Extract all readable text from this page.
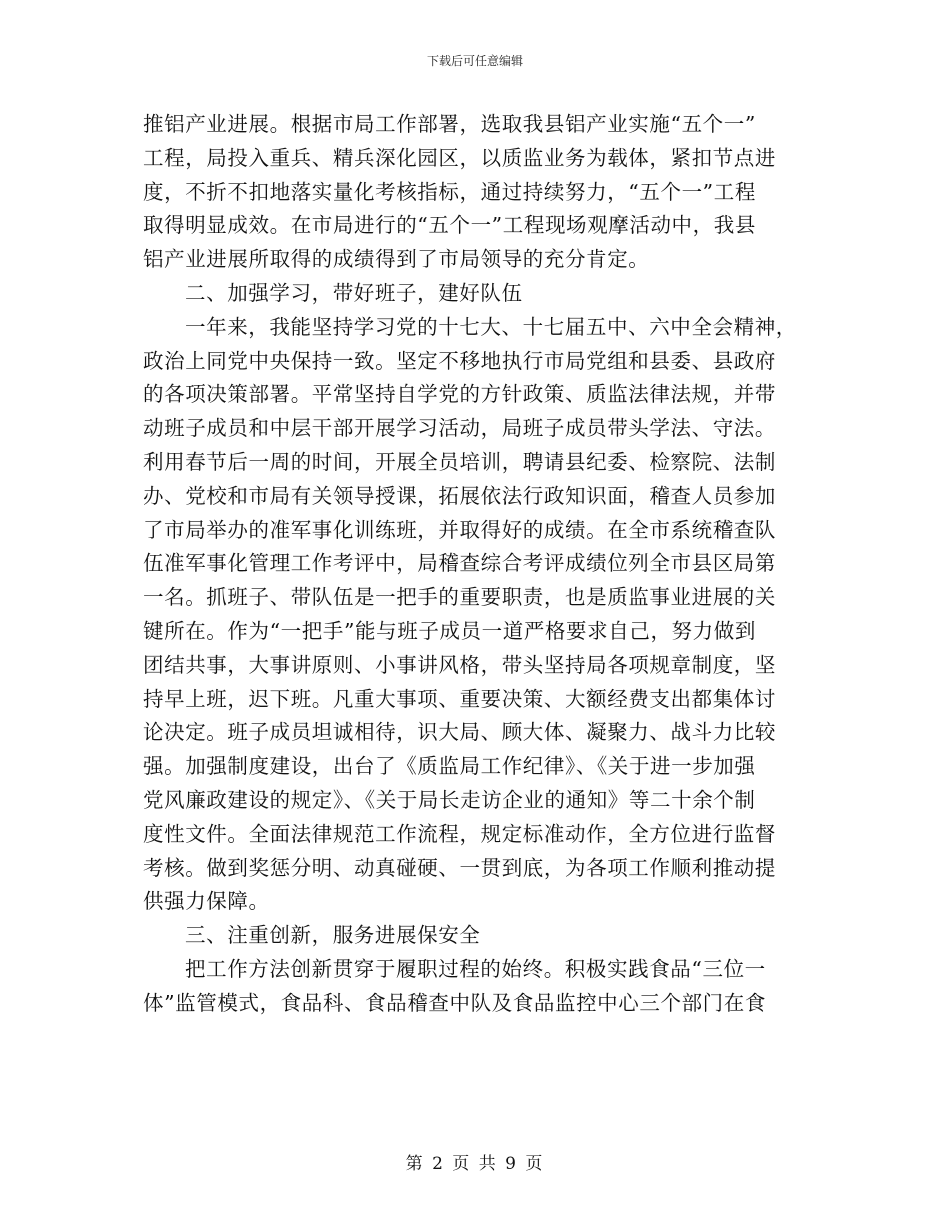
下载后可任意编辑
推铝产业进展。根据市局工作部署，选取我县铝产业实施“五个一”
工程，局投入重兵、精兵深化园区，以质监业务为载体，紧扣节点进
度，不折不扣地落实量化考核指标，通过持续努力，“五个一”工程
取得明显成效。在市局进行的“五个一”工程现场观摩活动中，我县
铝产业进展所取得的成绩得到了市局领导的充分肯定。
二、加强学习，带好班子，建好队伍
一年来，我能坚持学习党的十七大、十七届五中、六中全会精神，
政治上同党中央保持一致。坚定不移地执行市局党组和县委、县政府
的各项决策部署。平常坚持自学党的方针政策、质监法律法规，并带
动班子成员和中层干部开展学习活动，局班子成员带头学法、守法。
利用春节后一周的时间，开展全员培训，聘请县纪委、检察院、法制
办、党校和市局有关领导授课，拓展依法行政知识面，稽查人员参加
了市局举办的准军事化训练班，并取得好的成绩。在全市系统稽查队
伍准军事化管理工作考评中，局稽查综合考评成绩位列全市县区局第
一名。抓班子、带队伍是一把手的重要职责，也是质监事业进展的关
键所在。作为“一把手”能与班子成员一道严格要求自己，努力做到
团结共事，大事讲原则、小事讲风格，带头坚持局各项规章制度，坚
持早上班，迟下班。凡重大事项、重要决策、大额经费支出都集体讨
论决定。班子成员坦诚相待，识大局、顾大体、凝聚力、战斗力比较
强。加强制度建设，出台了《质监局工作纪律》、《关于进一步加强
党风廉政建设的规定》、《关于局长走访企业的通知》等二十余个制
度性文件。全面法律规范工作流程，规定标准动作，全方位进行监督
考核。做到奖惩分明、动真碰硬、一贯到底，为各项工作顺利推动提
供强力保障。
三、注重创新，服务进展保安全
把工作方法创新贯穿于履职过程的始终。积极实践食品“三位一
体”监管模式，食品科、食品稽查中队及食品监控中心三个部门在食
第 2 页 共 9 页
